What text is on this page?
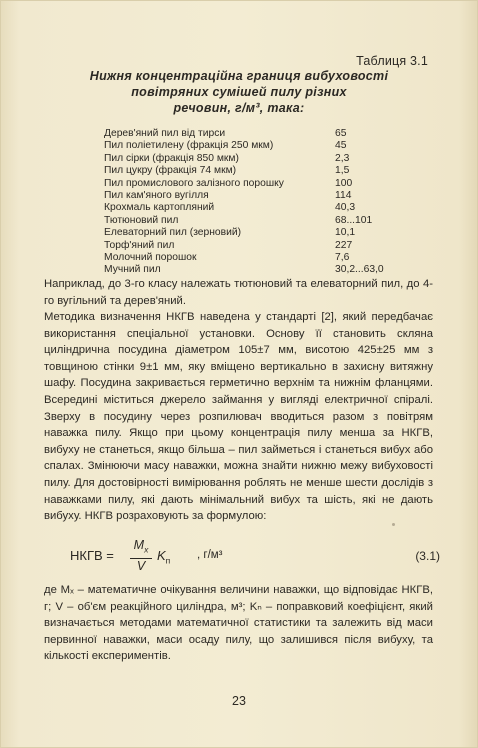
Таблиця 3.1
Нижня концентраційна границя вибуховості
повітряних сумішей пилу різних
речовин, г/м³, така:
Дерев'яний пил від тирси	65
Пил поліетилену (фракція 250 мкм)	45
Пил сірки (фракція 850 мкм)	2,3
Пил цукру (фракція 74 мкм)	1,5
Пил промислового залізного порошку	100
Пил кам'яного вугілля	114
Крохмаль картопляний	40,3
Тютюновий пил	68...101
Елеваторний пил (зерновий)	10,1
Торф'яний пил	227
Молочний порошок	7,6
Мучний пил	30,2...63,0

Наприклад, до 3-го класу належать тютюновий та елеваторний пил, до 4-го вугільний та дерев'яний.

Методика визначення НКГВ наведена у стандарті [2], який передбачає використання спеціальної установки. Основу її становить скляна циліндрична посудина діаметром 105±7 мм, висотою 425±25 мм з товщиною стінки 9±1 мм, яку вміщено вертикально в захисну витяжну шафу. Посудина закривається герметично верхнім та нижнім фланцями. Всередині міститься джерело займання у вигляді електричної спіралі. Зверху в посудину через розпилювач вводиться разом з повітрям наважка пилу. Якщо при цьому концентрація пилу менша за НКГВ, вибуху не станеться, якщо більша – пил займеться і станеться вибух або спалах. Змінюючи масу наважки, можна знайти нижню межу вибуховості пилу. Для достовірності вимірювання роблять не менше шести дослідів з наважками пилу, які дають мінімальний вибух та шість, які не дають вибуху. НКГВ розраховують за формулою:

НКГВ = $\frac{M_x}{V} K_п$ , г/м³	(3.1)

де Mₓ – математичне очікування величини наважки, що відповідає НКГВ, г; V – об'єм реакційного циліндра, м³; Kₙ – поправковий коефіцієнт, який визначається методами математичної статистики та залежить від маси первинної наважки, маси осаду пилу, що залишився після вибуху, та кількості експериментів.

23
